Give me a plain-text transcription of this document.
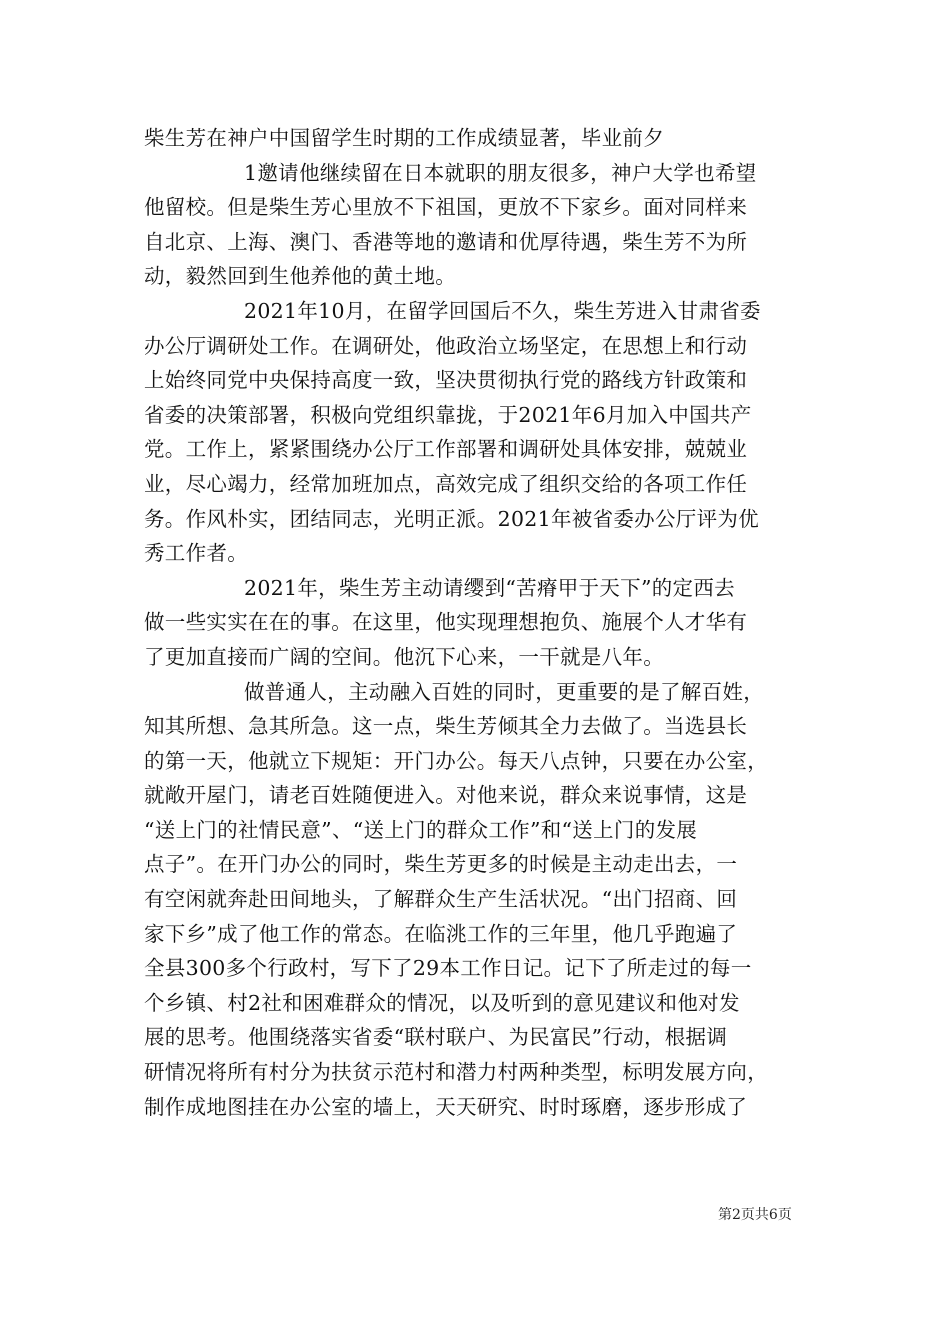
柴生芳在神户中国留学生时期的工作成绩显著，毕业前夕
1邀请他继续留在日本就职的朋友很多，神户大学也希望
他留校。但是柴生芳心里放不下祖国，更放不下家乡。面对同样来
自北京、上海、澳门、香港等地的邀请和优厚待遇，柴生芳不为所
动，毅然回到生他养他的黄土地。
2021年10月，在留学回国后不久，柴生芳进入甘肃省委
办公厅调研处工作。在调研处，他政治立场坚定，在思想上和行动
上始终同党中央保持高度一致，坚决贯彻执行党的路线方针政策和
省委的决策部署，积极向党组织靠拢，于2021年6月加入中国共产
党。工作上，紧紧围绕办公厅工作部署和调研处具体安排，兢兢业
业，尽心竭力，经常加班加点，高效完成了组织交给的各项工作任
务。作风朴实，团结同志，光明正派。2021年被省委办公厅评为优
秀工作者。
2021年，柴生芳主动请缨到“苦瘠甲于天下”的定西去
做一些实实在在的事。在这里，他实现理想抱负、施展个人才华有
了更加直接而广阔的空间。他沉下心来，一干就是八年。
做普通人，主动融入百姓的同时，更重要的是了解百姓，
知其所想、急其所急。这一点，柴生芳倾其全力去做了。当选县长
的第一天，他就立下规矩：开门办公。每天八点钟，只要在办公室，
就敞开屋门，请老百姓随便进入。对他来说，群众来说事情，这是
“送上门的社情民意”、“送上门的群众工作”和“送上门的发展
点子”。在开门办公的同时，柴生芳更多的时候是主动走出去，一
有空闲就奔赴田间地头，了解群众生产生活状况。“出门招商、回
家下乡”成了他工作的常态。在临洮工作的三年里，他几乎跑遍了
全县300多个行政村，写下了29本工作日记。记下了所走过的每一
个乡镇、村2社和困难群众的情况，以及听到的意见建议和他对发
展的思考。他围绕落实省委“联村联户、为民富民”行动，根据调
研情况将所有村分为扶贫示范村和潜力村两种类型，标明发展方向，
制作成地图挂在办公室的墙上，天天研究、时时琢磨，逐步形成了
第2页共6页
